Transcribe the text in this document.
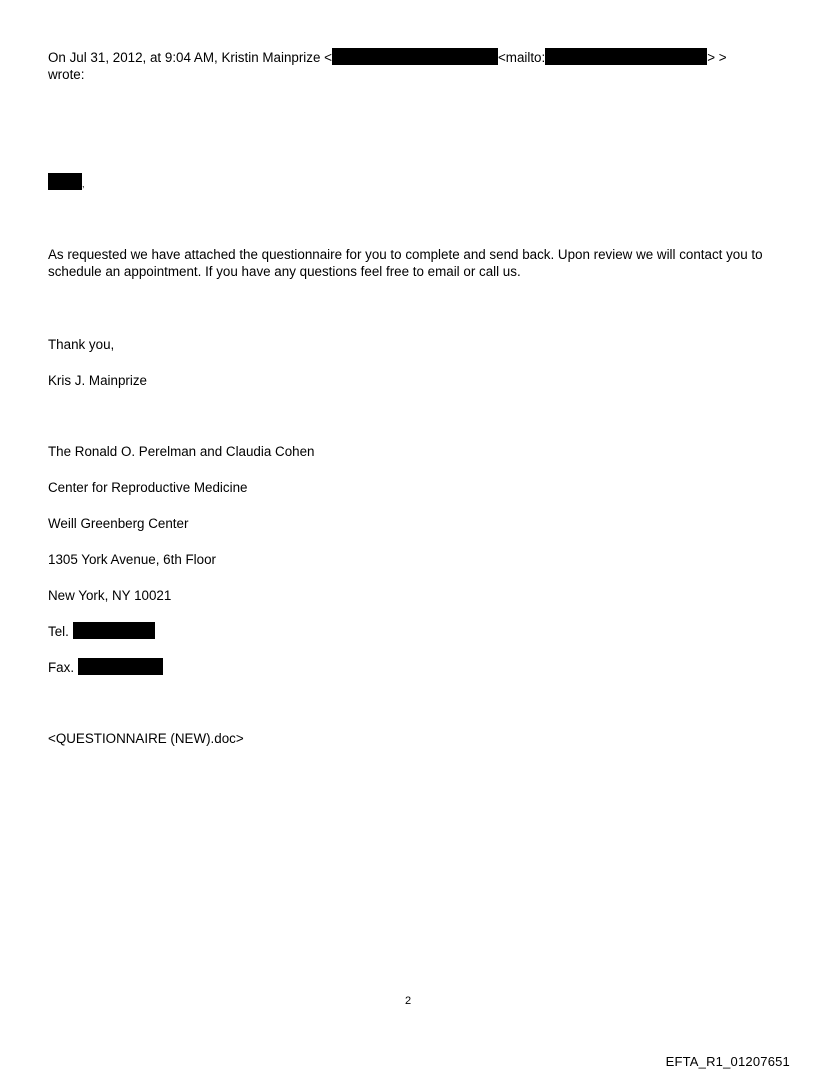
On Jul 31, 2012, at 9:04 AM, Kristin Mainprize <	<mailto:	> >
wrote:
,
As requested we have attached the questionnaire for you to complete and send back. Upon review we will contact you to schedule an appointment. If you have any questions feel free to email or call us.
Thank you,
Kris J. Mainprize
The Ronald O. Perelman and Claudia Cohen
Center for Reproductive Medicine
Weill Greenberg Center
1305 York Avenue, 6th Floor
New York, NY 10021
Tel.
Fax.
<QUESTIONNAIRE (NEW).doc>
2
EFTA_R1_01207651
